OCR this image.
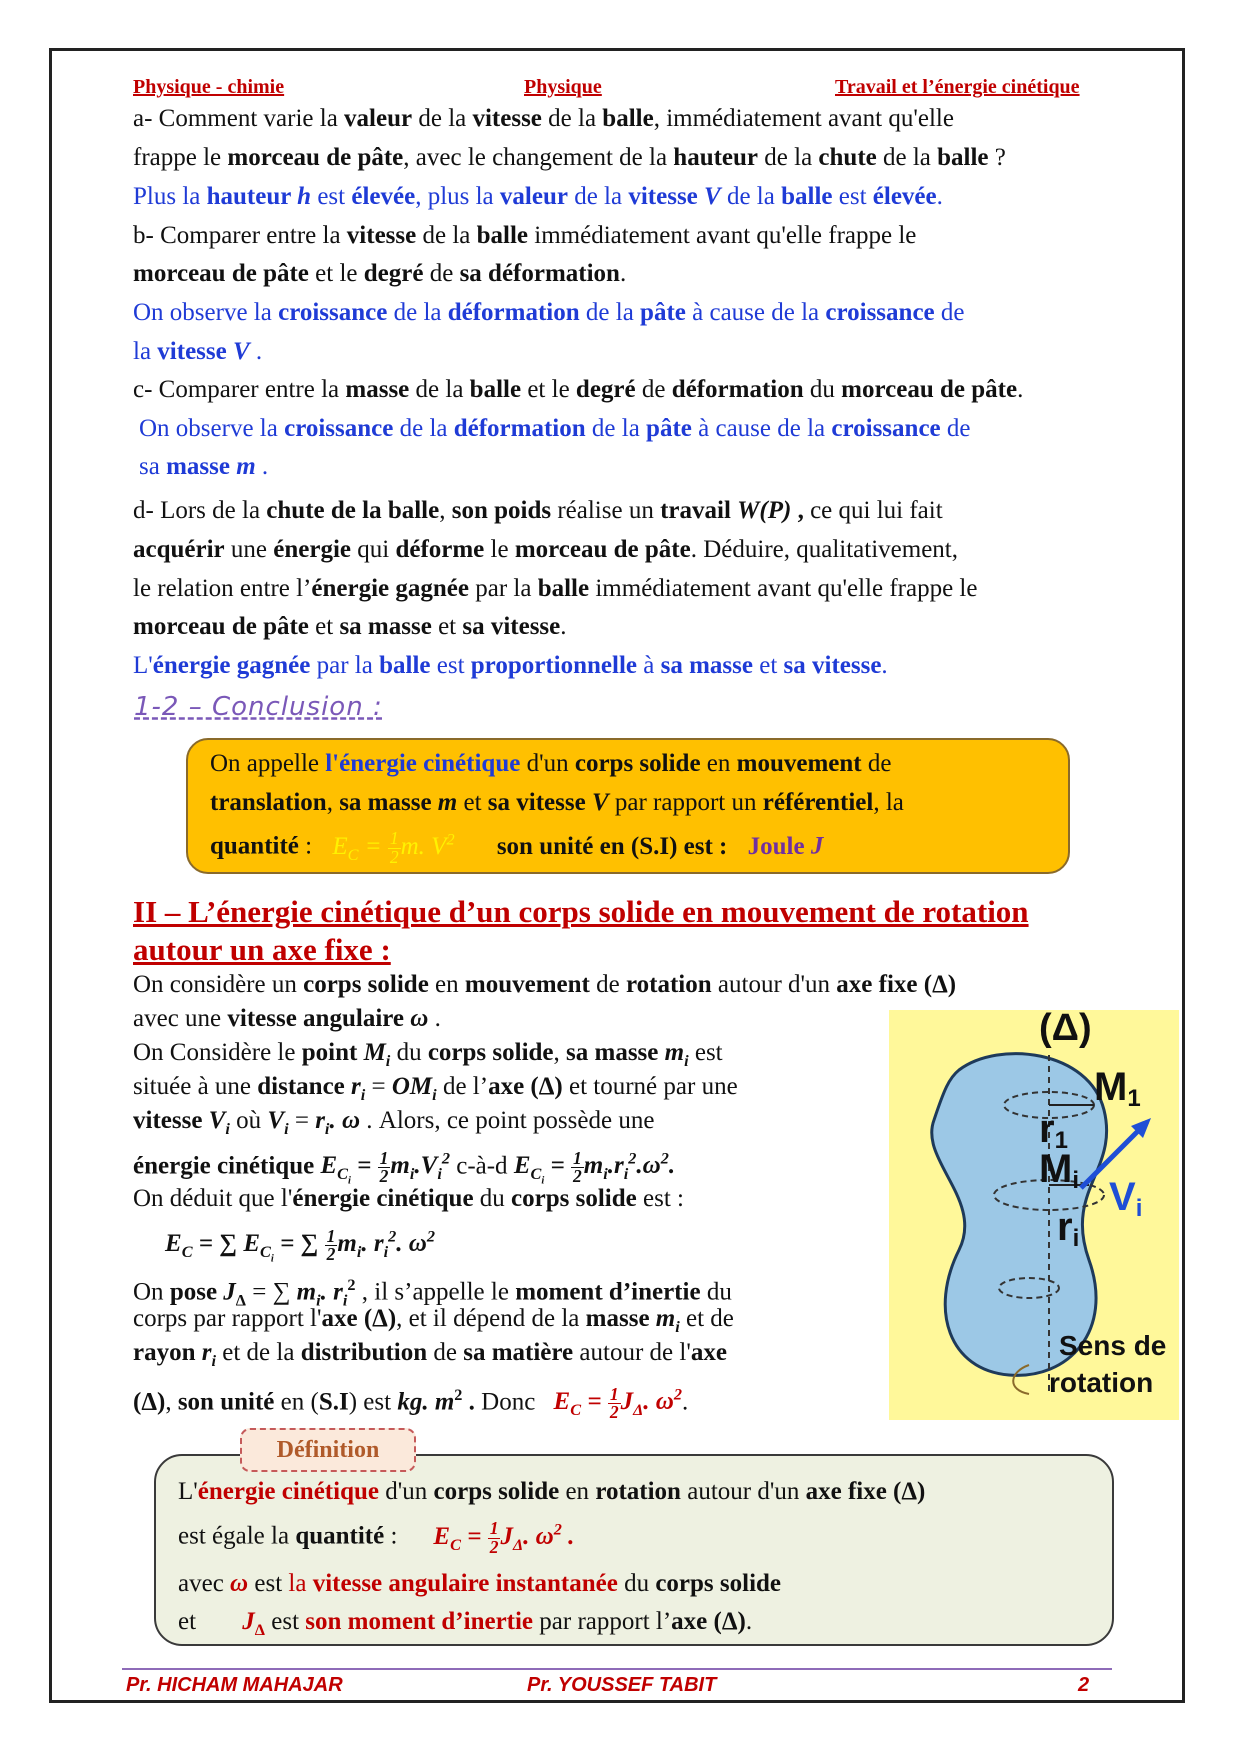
Physique - chimie	Physique	Travail et l’énergie cinétique
a- Comment varie la valeur de la vitesse de la balle, immédiatement avant qu'elle
frappe le morceau de pâte, avec le changement de la hauteur de la chute de la balle ?
Plus la hauteur h est élevée, plus la valeur de la vitesse V de la balle est élevée.
b- Comparer entre la vitesse de la balle immédiatement avant qu'elle frappe le
morceau de pâte et le degré de sa déformation.
On observe la croissance de la déformation de la pâte à cause de la croissance de
la vitesse V .
c- Comparer entre la masse de la balle et le degré de déformation du morceau de pâte.
On observe la croissance de la déformation de la pâte à cause de la croissance de
sa masse m .
d- Lors de la chute de la balle, son poids réalise un travail W(P) , ce qui lui fait
acquérir une énergie qui déforme le morceau de pâte. Déduire, qualitativement,
le relation entre l’énergie gagnée par la balle immédiatement avant qu'elle frappe le
morceau de pâte et sa masse et sa vitesse.
L'énergie gagnée par la balle est proportionnelle à sa masse et sa vitesse.
1-2 – Conclusion :
On appelle l'énergie cinétique d'un corps solide en mouvement de
translation, sa masse m et sa vitesse V par rapport un référentiel, la
quantité : $E_C = \frac{1}{2} m$. $V^2$ son unité en (S.I) est : Joule J
II – L’énergie cinétique d’un corps solide en mouvement de rotation
autour un axe fixe :
On considère un corps solide en mouvement de rotation autour d'un axe fixe (Δ)
avec une vitesse angulaire ω .
On Considère le point $M_i$ du corps solide, sa masse $m_i$ est
située à une distance $r_i = OM_i$ de l’axe (Δ) et tourné par une
vitesse $V_i$ où $V_i = r_i$. ω . Alors, ce point possède une
énergie cinétique $E_{C_i} = \frac{1}{2} m_i.V_i^2$ c-à-d $E_{C_i} = \frac{1}{2} m_i.r_i^2.\omega^2$.
On déduit que l'énergie cinétique du corps solide est :
$E_C$ = ∑ $E_{C_i}$ = ∑ $\frac{1}{2} m_i$. $r_i^2$. $\omega^2$
On pose $J_\Delta$ = ∑ $m_i$. $r_i^2$ , il s’appelle le moment d’inertie du
corps par rapport l'axe (Δ), et il dépend de la masse $m_i$ et de
rayon $r_i$ et de la distribution de sa matière autour de l'axe
(Δ), son unité en (S.I) est kg. $m^2$ . Donc $E_C = \frac{1}{2} J_\Delta$. $\omega^2$.
(Δ)
M1
r1
Mi Vi
ri
Sens de
rotation
L'énergie cinétique d'un corps solide en rotation autour d'un axe fixe (Δ)
est égale la quantité : $E_C = \frac{1}{2} J_\Delta$. $\omega^2$ .
avec ω est la vitesse angulaire instantanée du corps solide
et $J_\Delta$ est son moment d’inertie par rapport l’axe (Δ).
Définition
Pr. HICHAM MAHAJAR	Pr. YOUSSEF TABIT	2
